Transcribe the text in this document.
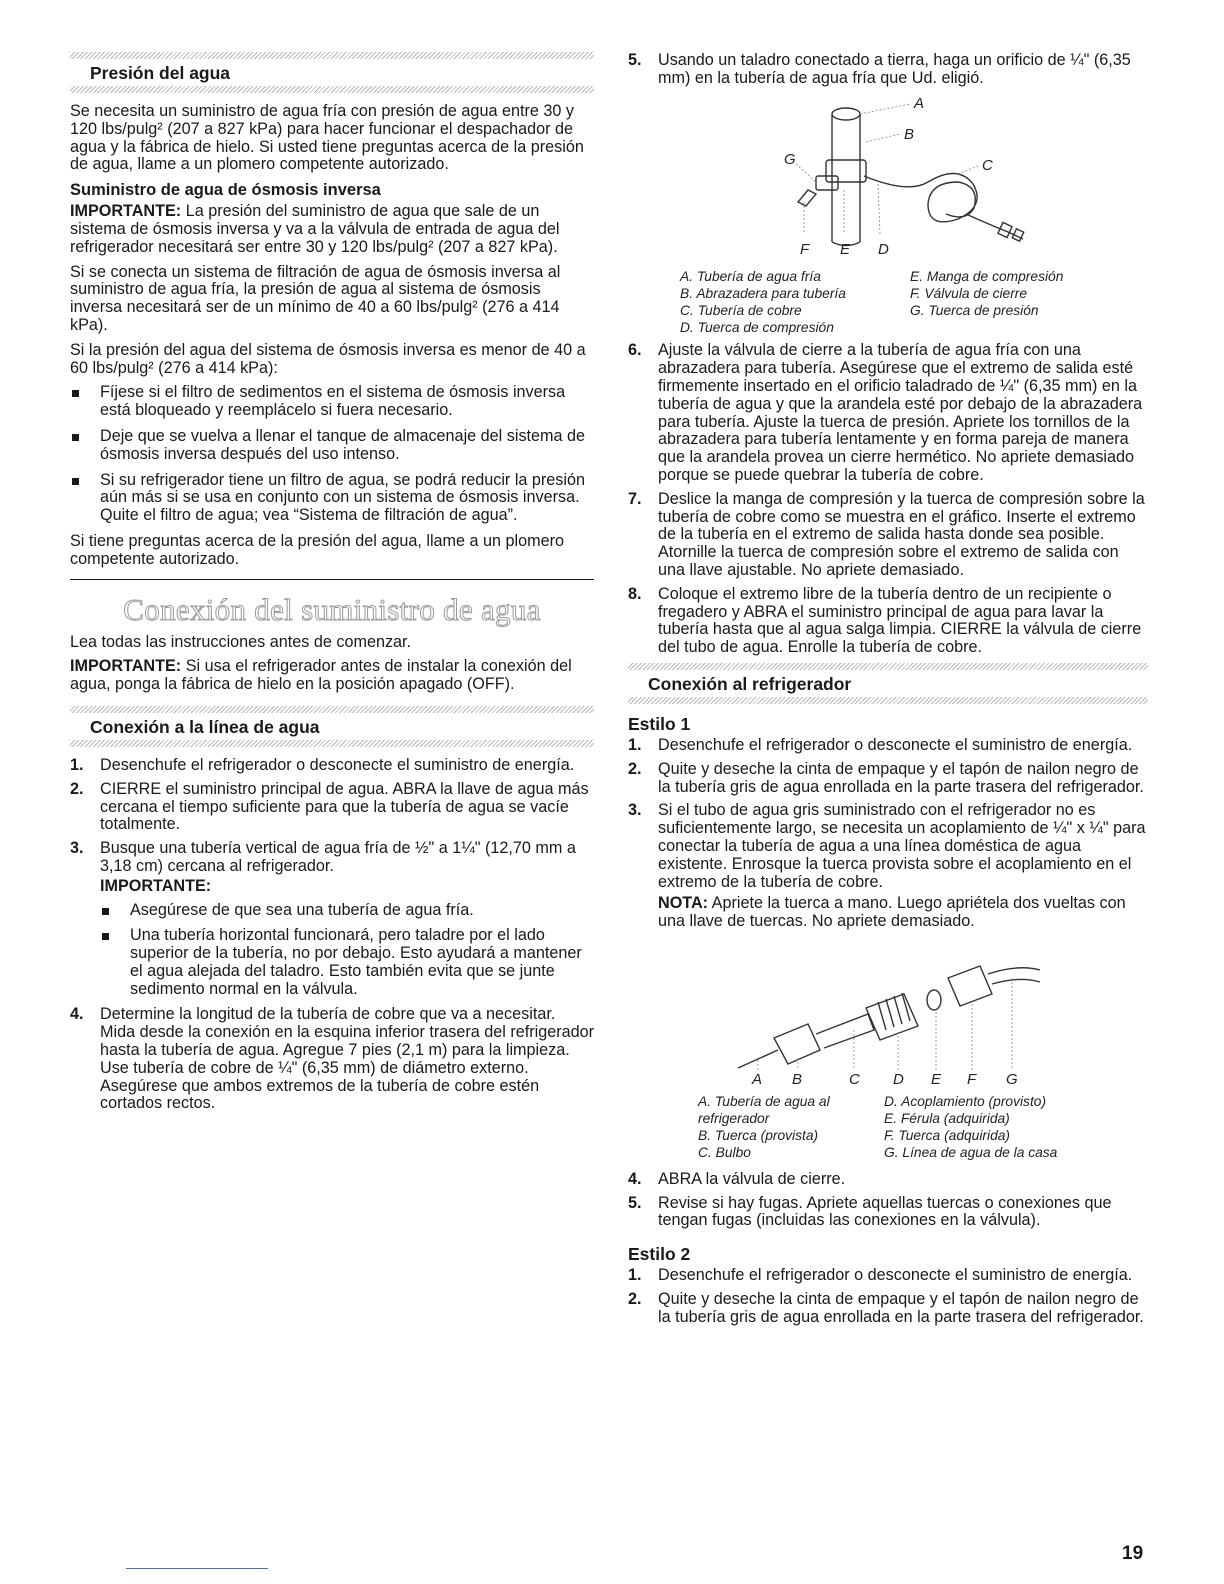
Presión del agua

Se necesita un suministro de agua fría con presión de agua entre 30 y 120 lbs/pulg² (207 a 827 kPa) para hacer funcionar el despachador de agua y la fábrica de hielo. Si usted tiene preguntas acerca de la presión de agua, llame a un plomero competente autorizado.

Suministro de agua de ósmosis inversa

IMPORTANTE: La presión del suministro de agua que sale de un sistema de ósmosis inversa y va a la válvula de entrada de agua del refrigerador necesitará ser entre 30 y 120 lbs/pulg² (207 a 827 kPa).

Si se conecta un sistema de filtración de agua de ósmosis inversa al suministro de agua fría, la presión de agua al sistema de ósmosis inversa necesitará ser de un mínimo de 40 a 60 lbs/pulg² (276 a 414 kPa).

Si la presión del agua del sistema de ósmosis inversa es menor de 40 a 60 lbs/pulg² (276 a 414 kPa):

Fíjese si el filtro de sedimentos en el sistema de ósmosis inversa está bloqueado y reemplácelo si fuera necesario.
Deje que se vuelva a llenar el tanque de almacenaje del sistema de ósmosis inversa después del uso intenso.
Si su refrigerador tiene un filtro de agua, se podrá reducir la presión aún más si se usa en conjunto con un sistema de ósmosis inversa. Quite el filtro de agua; vea “Sistema de filtración de agua”.

Si tiene preguntas acerca de la presión del agua, llame a un plomero competente autorizado.

Conexión del suministro de agua

Lea todas las instrucciones antes de comenzar.

IMPORTANTE: Si usa el refrigerador antes de instalar la conexión del agua, ponga la fábrica de hielo en la posición apagado (OFF).

Conexión a la línea de agua
1. Desenchufe el refrigerador o desconecte el suministro de energía.
2. CIERRE el suministro principal de agua. ABRA la llave de agua más cercana el tiempo suficiente para que la tubería de agua se vacíe totalmente.
3. Busque una tubería vertical de agua fría de ½" a 1¼" (12,70 mm a 3,18 cm) cercana al refrigerador.
IMPORTANTE:
Asegúrese de que sea una tubería de agua fría.
Una tubería horizontal funcionará, pero taladre por el lado superior de la tubería, no por debajo. Esto ayudará a mantener el agua alejada del taladro. Esto también evita que se junte sedimento normal en la válvula.
4. Determine la longitud de la tubería de cobre que va a necesitar. Mida desde la conexión en la esquina inferior trasera del refrigerador hasta la tubería de agua. Agregue 7 pies (2,1 m) para la limpieza. Use tubería de cobre de ¼" (6,35 mm) de diámetro externo. Asegúrese que ambos extremos de la tubería de cobre estén cortados rectos.
5. Usando un taladro conectado a tierra, haga un orificio de ¼" (6,35 mm) en la tubería de agua fría que Ud. eligió.
A
B
C
D
E
F
G
A. Tubería de agua fría
B. Abrazadera para tubería
C. Tubería de cobre
D. Tuerca de compresión
E. Manga de compresión
F. Válvula de cierre
G. Tuerca de presión
6. Ajuste la válvula de cierre a la tubería de agua fría con una abrazadera para tubería. Asegúrese que el extremo de salida esté firmemente insertado en el orificio taladrado de ¼" (6,35 mm) en la tubería de agua y que la arandela esté por debajo de la abrazadera para tubería. Ajuste la tuerca de presión. Apriete los tornillos de la abrazadera para tubería lentamente y en forma pareja de manera que la arandela provea un cierre hermético. No apriete demasiado porque se puede quebrar la tubería de cobre.
7. Deslice la manga de compresión y la tuerca de compresión sobre la tubería de cobre como se muestra en el gráfico. Inserte el extremo de la tubería en el extremo de salida hasta donde sea posible. Atornille la tuerca de compresión sobre el extremo de salida con una llave ajustable. No apriete demasiado.
8. Coloque el extremo libre de la tubería dentro de un recipiente o fregadero y ABRA el suministro principal de agua para lavar la tubería hasta que al agua salga limpia. CIERRE la válvula de cierre del tubo de agua. Enrolle la tubería de cobre.
Conexión al refrigerador
Estilo 1
1. Desenchufe el refrigerador o desconecte el suministro de energía.
2. Quite y deseche la cinta de empaque y el tapón de nailon negro de la tubería gris de agua enrollada en la parte trasera del refrigerador.
3. Si el tubo de agua gris suministrado con el refrigerador no es suficientemente largo, se necesita un acoplamiento de ¼" x ¼" para conectar la tubería de agua a una línea doméstica de agua existente. Enrosque la tuerca provista sobre el acoplamiento en el extremo de la tubería de cobre.

NOTA: Apriete la tuerca a mano. Luego apriétela dos vueltas con una llave de tuercas. No apriete demasiado.

A B	C D E F G
A. Tubería de agua al refrigerador
B. Tuerca (provista)
C. Bulbo
D. Acoplamiento (provisto)
E. Férula (adquirida)
F. Tuerca (adquirida)
G. Línea de agua de la casa
4. ABRA la válvula de cierre.
5. Revise si hay fugas. Apriete aquellas tuercas o conexiones que tengan fugas (incluidas las conexiones en la válvula).
Estilo 2
1. Desenchufe el refrigerador o desconecte el suministro de energía.
2. Quite y deseche la cinta de empaque y el tapón de nailon negro de la tubería gris de agua enrollada en la parte trasera del refrigerador.
19
